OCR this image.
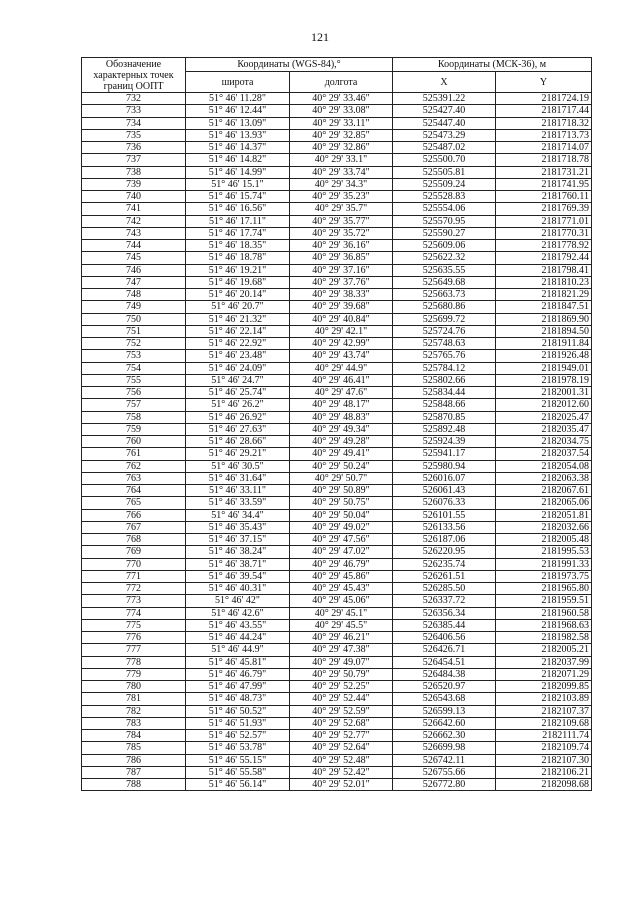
121
Обозначение
характерных точек
границ ООПТ	Координаты (WGS-84),°		Координаты (МСК-36), м	
	широта	долгота	X	Y
732	51° 46' 11.28"	40° 29' 33.46"	525391.22	2181724.19
733	51° 46' 12.44"	40° 29' 33.08"	525427.40	2181717.44
734	51° 46' 13.09"	40° 29' 33.11"	525447.40	2181718.32
735	51° 46' 13.93"	40° 29' 32.85"	525473.29	2181713.73
736	51° 46' 14.37"	40° 29' 32.86"	525487.02	2181714.07
737	51° 46' 14.82"	40° 29' 33.1"	525500.70	2181718.78
738	51° 46' 14.99"	40° 29' 33.74"	525505.81	2181731.21
739	51° 46' 15.1"	40° 29' 34.3"	525509.24	2181741.95
740	51° 46' 15.74"	40° 29' 35.23"	525528.83	2181760.11
741	51° 46' 16.56"	40° 29' 35.7"	525554.06	2181769.39
742	51° 46' 17.11"	40° 29' 35.77"	525570.95	2181771.01
743	51° 46' 17.74"	40° 29' 35.72"	525590.27	2181770.31
744	51° 46' 18.35"	40° 29' 36.16"	525609.06	2181778.92
745	51° 46' 18.78"	40° 29' 36.85"	525622.32	2181792.44
746	51° 46' 19.21"	40° 29' 37.16"	525635.55	2181798.41
747	51° 46' 19.68"	40° 29' 37.76"	525649.68	2181810.23
748	51° 46' 20.14"	40° 29' 38.33"	525663.73	2181821.29
749	51° 46' 20.7"	40° 29' 39.68"	525680.86	2181847.51
750	51° 46' 21.32"	40° 29' 40.84"	525699.72	2181869.90
751	51° 46' 22.14"	40° 29' 42.1"	525724.76	2181894.50
752	51° 46' 22.92"	40° 29' 42.99"	525748.63	2181911.84
753	51° 46' 23.48"	40° 29' 43.74"	525765.76	2181926.48
754	51° 46' 24.09"	40° 29' 44.9"	525784.12	2181949.01
755	51° 46' 24.7"	40° 29' 46.41"	525802.66	2181978.19
756	51° 46' 25.74"	40° 29' 47.6"	525834.44	2182001.31
757	51° 46' 26.2"	40° 29' 48.17"	525848.66	2182012.60
758	51° 46' 26.92"	40° 29' 48.83"	525870.85	2182025.47
759	51° 46' 27.63"	40° 29' 49.34"	525892.48	2182035.47
760	51° 46' 28.66"	40° 29' 49.28"	525924.39	2182034.75
761	51° 46' 29.21"	40° 29' 49.41"	525941.17	2182037.54
762	51° 46' 30.5"	40° 29' 50.24"	525980.94	2182054.08
763	51° 46' 31.64"	40° 29' 50.7"	526016.07	2182063.38
764	51° 46' 33.11"	40° 29' 50.89"	526061.43	2182067.61
765	51° 46' 33.59"	40° 29' 50.75"	526076.33	2182065.06
766	51° 46' 34.4"	40° 29' 50.04"	526101.55	2182051.81
767	51° 46' 35.43"	40° 29' 49.02"	526133.56	2182032.66
768	51° 46' 37.15"	40° 29' 47.56"	526187.06	2182005.48
769	51° 46' 38.24"	40° 29' 47.02"	526220.95	2181995.53
770	51° 46' 38.71"	40° 29' 46.79"	526235.74	2181991.33
771	51° 46' 39.54"	40° 29' 45.86"	526261.51	2181973.75
772	51° 46' 40.31"	40° 29' 45.43"	526285.50	2181965.80
773	51° 46' 42"	40° 29' 45.06"	526337.72	2181959.51
774	51° 46' 42.6"	40° 29' 45.1"	526356.34	2181960.58
775	51° 46' 43.55"	40° 29' 45.5"	526385.44	2181968.63
776	51° 46' 44.24"	40° 29' 46.21"	526406.56	2181982.58
777	51° 46' 44.9"	40° 29' 47.38"	526426.71	2182005.21
778	51° 46' 45.81"	40° 29' 49.07"	526454.51	2182037.99
779	51° 46' 46.79"	40° 29' 50.79"	526484.38	2182071.29
780	51° 46' 47.99"	40° 29' 52.25"	526520.97	2182099.85
781	51° 46' 48.73"	40° 29' 52.44"	526543.68	2182103.89
782	51° 46' 50.52"	40° 29' 52.59"	526599.13	2182107.37
783	51° 46' 51.93"	40° 29' 52.68"	526642.60	2182109.68
784	51° 46' 52.57"	40° 29' 52.77"	526662.30	2182111.74
785	51° 46' 53.78"	40° 29' 52.64"	526699.98	2182109.74
786	51° 46' 55.15"	40° 29' 52.48"	526742.11	2182107.30
787	51° 46' 55.58"	40° 29' 52.42"	526755.66	2182106.21
788	51° 46' 56.14"	40° 29' 52.01"	526772.80	2182098.68
